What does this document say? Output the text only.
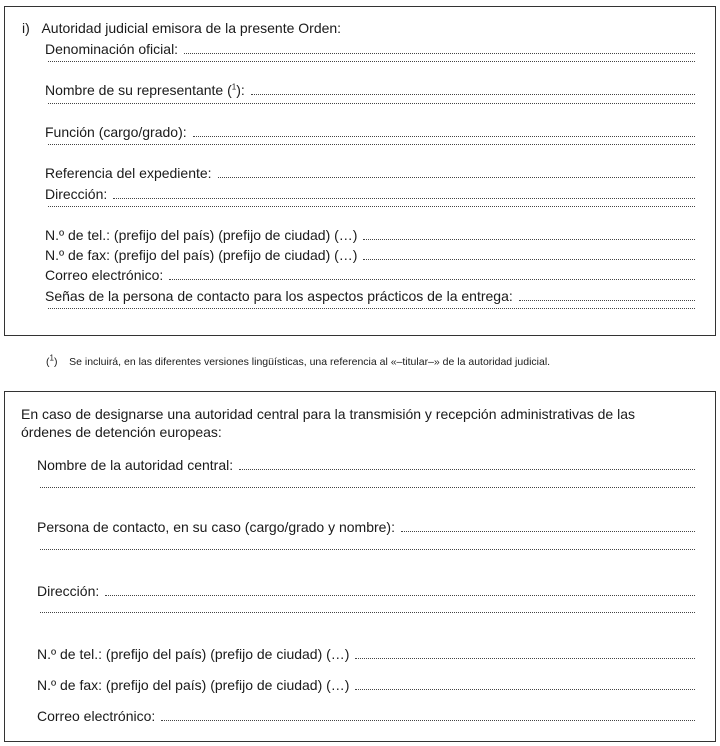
i) Autoridad judicial emisora de la presente Orden:
Denominación oficial:
Nombre de su representante ($^1$):
Función (cargo/grado):
Referencia del expediente:
Dirección:
N.º de tel.: (prefijo del país) (prefijo de ciudad) (…)
N.º de fax: (prefijo del país) (prefijo de ciudad) (…)
Correo electrónico:
Señas de la persona de contacto para los aspectos prácticos de la entrega:
($^1$) Se incluirá, en las diferentes versiones lingüísticas, una referencia al «–titular–» de la autoridad judicial.
En caso de designarse una autoridad central para la transmisión y recepción administrativas de las
órdenes de detención europeas:
Nombre de la autoridad central:
Persona de contacto, en su caso (cargo/grado y nombre):
Dirección:
N.º de tel.: (prefijo del país) (prefijo de ciudad) (…)
N.º de fax: (prefijo del país) (prefijo de ciudad) (…)
Correo electrónico:
